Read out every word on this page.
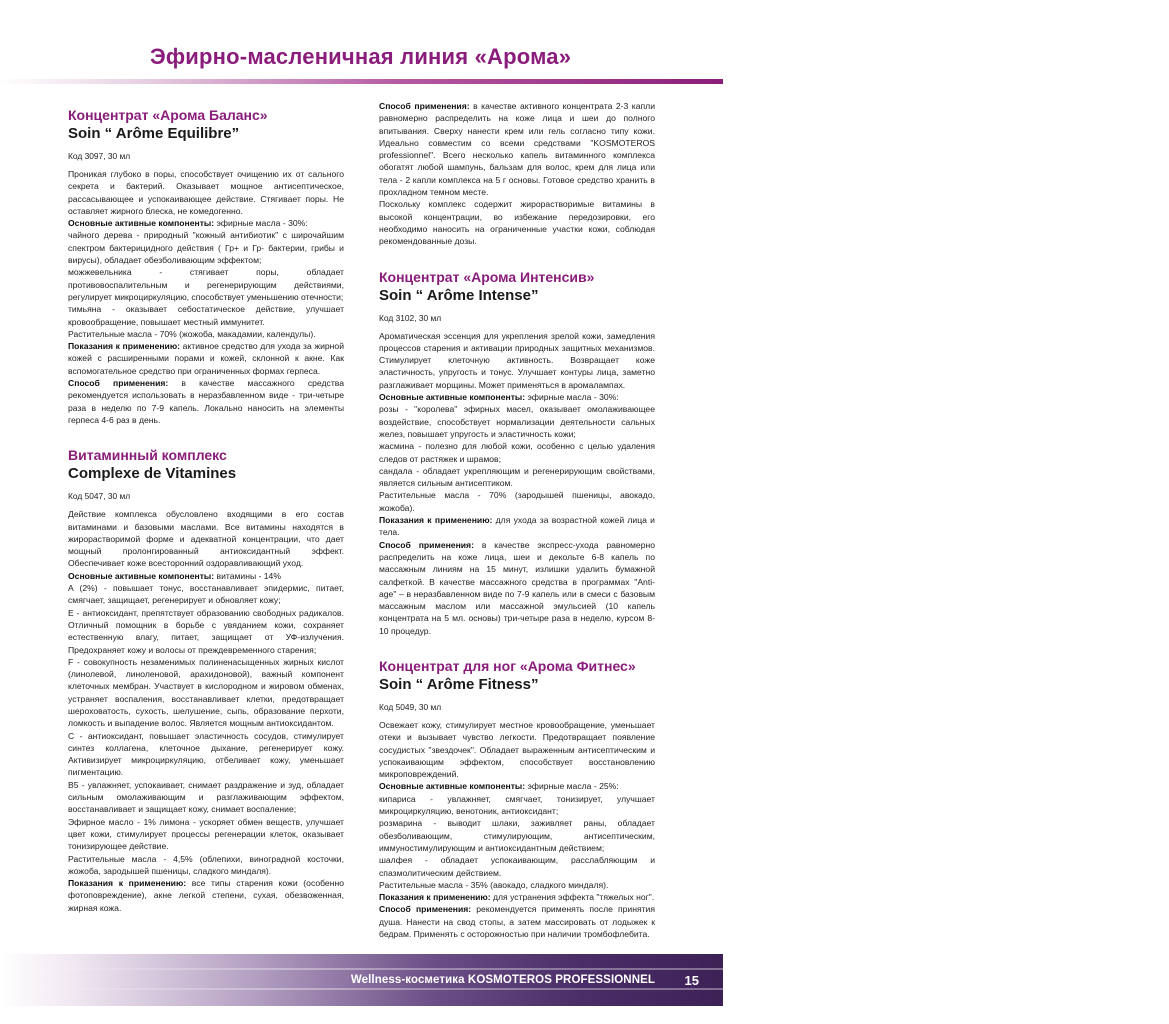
Эфирно-масленичная линия «Арома»
Концентрат «Арома Баланс»
Soin “ Arôme Equilibre”
Код 3097, 30 мл

Проникая глубоко в поры, способствует очищению их от сального секрета и бактерий. Оказывает мощное антисептическое, рассасывающее и успокаивающее действие. Стягивает поры. Не оставляет жирного блеска, не комедогенно.

Основные активные компоненты: эфирные масла - 30%:

чайного дерева - природный "кожный антибиотик" с широчайшим спектром бактерицидного действия ( Гр+ и Гр- бактерии, грибы и вирусы), обладает обезболивающим эффектом;

можжевельника - стягивает поры, обладает противовоспалительным и регенерирующим действиями, регулирует микроциркуляцию, способствует уменьшению отечности;

тимьяна - оказывает себостатическое действие, улучшает кровообращение, повышает местный иммунитет.

Растительные масла - 70% (жожоба, макадамии, календулы).

Показания к применению: активное средство для ухода за жирной кожей с расширенными порами и кожей, склонной к акне. Как вспомогательное средство при ограниченных формах герпеса.

Способ применения: в качестве массажного средства рекомендуется использовать в неразбавленном виде - три-четыре раза в неделю по 7-9 капель. Локально наносить на элементы герпеса 4-6 раз в день.

Витаминный комплекс
Complexe de Vitamines
Код 5047, 30 мл

Действие комплекса обусловлено входящими в его состав витаминами и базовыми маслами. Все витамины находятся в жирорастворимой форме и адекватной концентрации, что дает мощный пролонгированный антиоксидантный эффект. Обеспечивает коже всесторонний оздоравливающий уход.

Основные активные компоненты: витамины - 14%

A (2%) - повышает тонус, восстанавливает эпидермис, питает, смягчает, защищает, регенерирует и обновляет кожу;

E - антиоксидант, препятствует образованию свободных радикалов. Отличный помощник в борьбе с увяданием кожи, сохраняет естественную влагу, питает, защищает от УФ-излучения. Предохраняет кожу и волосы от преждевременного старения;

F - совокупность незаменимых полиненасыщенных жирных кислот (линолевой, линоленовой, арахидоновой), важный компонент клеточных мембран. Участвует в кислородном и жировом обменах, устраняет воспаления, восстанавливает клетки, предотвращает шероховатость, сухость, шелушение, сыпь, образование перхоти, ломкость и выпадение волос. Является мощным антиоксидантом.

C - антиоксидант, повышает эластичность сосудов, стимулирует синтез коллагена, клеточное дыхание, регенерирует кожу. Активизирует микроциркуляцию, отбеливает кожу, уменьшает пигментацию.

B5 - увлажняет, успокаивает, снимает раздражение и зуд, обладает сильным омолаживающим и разглаживающим эффектом, восстанавливает и защищает кожу, снимает воспаление;

Эфирное масло - 1% лимона - ускоряет обмен веществ, улучшает цвет кожи, стимулирует процессы регенерации клеток, оказывает тонизирующее действие.

Растительные масла - 4,5% (облепихи, виноградной косточки, жожоба, зародышей пшеницы, сладкого миндаля).

Показания к применению: все типы старения кожи (особенно фотоповреждение), акне легкой степени, сухая, обезвоженная, жирная кожа.

Способ применения: в качестве активного концентрата 2-3 капли равномерно распределить на коже лица и шеи до полного впитывания. Сверху нанести крем или гель согласно типу кожи. Идеально совместим со всеми средствами "KOSMOTEROS professionnel". Всего несколько капель витаминного комплекса обогатят любой шампунь, бальзам для волос, крем для лица или тела - 2 капли комплекса на 5 г основы. Готовое средство хранить в прохладном темном месте.

Поскольку комплекс содержит жирорастворимые витамины в высокой концентрации, во избежание передозировки, его необходимо наносить на ограниченные участки кожи, соблюдая рекомендованные дозы.

Концентрат «Арома Интенсив»
Soin “ Arôme Intense”
Код 3102, 30 мл

Ароматическая эссенция для укрепления зрелой кожи, замедления процессов старения и активации природных защитных механизмов. Стимулирует клеточную активность. Возвращает коже эластичность, упругость и тонус. Улучшает контуры лица, заметно разглаживает морщины. Может применяться в аромалампах.

Основные активные компоненты: эфирные масла - 30%:

розы - "королева" эфирных масел, оказывает омолаживающее воздействие, способствует нормализации деятельности сальных желез, повышает упругость и эластичность кожи;

жасмина - полезно для любой кожи, особенно с целью удаления следов от растяжек и шрамов;

сандала - обладает укрепляющим и регенерирующим свойствами, является сильным антисептиком.

Растительные масла - 70% (зародышей пшеницы, авокадо, жожоба).

Показания к применению: для ухода за возрастной кожей лица и тела.

Способ применения: в качестве экспресс-ухода равномерно распределить на коже лица, шеи и декольте 6-8 капель по массажным линиям на 15 минут, излишки удалить бумажной салфеткой. В качестве массажного средства в программах "Anti-age" – в неразбавленном виде по 7-9 капель или в смеси с базовым массажным маслом или массажной эмульсией (10 капель концентрата на 5 мл. основы) три-четыре раза в неделю, курсом 8-10 процедур.

Концентрат для ног «Арома Фитнес»
Soin “ Arôme Fitness”
Код 5049, 30 мл

Освежает кожу, стимулирует местное кровообращение, уменьшает отеки и вызывает чувство легкости. Предотвращает появление сосудистых "звездочек". Обладает выраженным антисептическим и успокаивающим эффектом, способствует восстановлению микроповреждений.

Основные активные компоненты: эфирные масла - 25%:

кипариса - увлажняет, смягчает, тонизирует, улучшает микроциркуляцию, венотоник, антиоксидант;

розмарина - выводит шлаки, заживляет раны, обладает обезболивающим, стимулирующим, антисептическим, иммуностимулирующим и антиоксидантным действием;

шалфея - обладает успокаивающим, расслабляющим и спазмолитическим действием.

Растительные масла - 35% (авокадо, сладкого миндаля).

Показания к применению: для устранения эффекта "тяжелых ног".

Способ применения: рекомендуется применять после принятия душа. Нанести на свод стопы, а затем массировать от лодыжек к бедрам. Применять с осторожностью при наличии тромбофлебита.

Wellness-косметика KOSMOTEROS PROFESSIONNEL 15
